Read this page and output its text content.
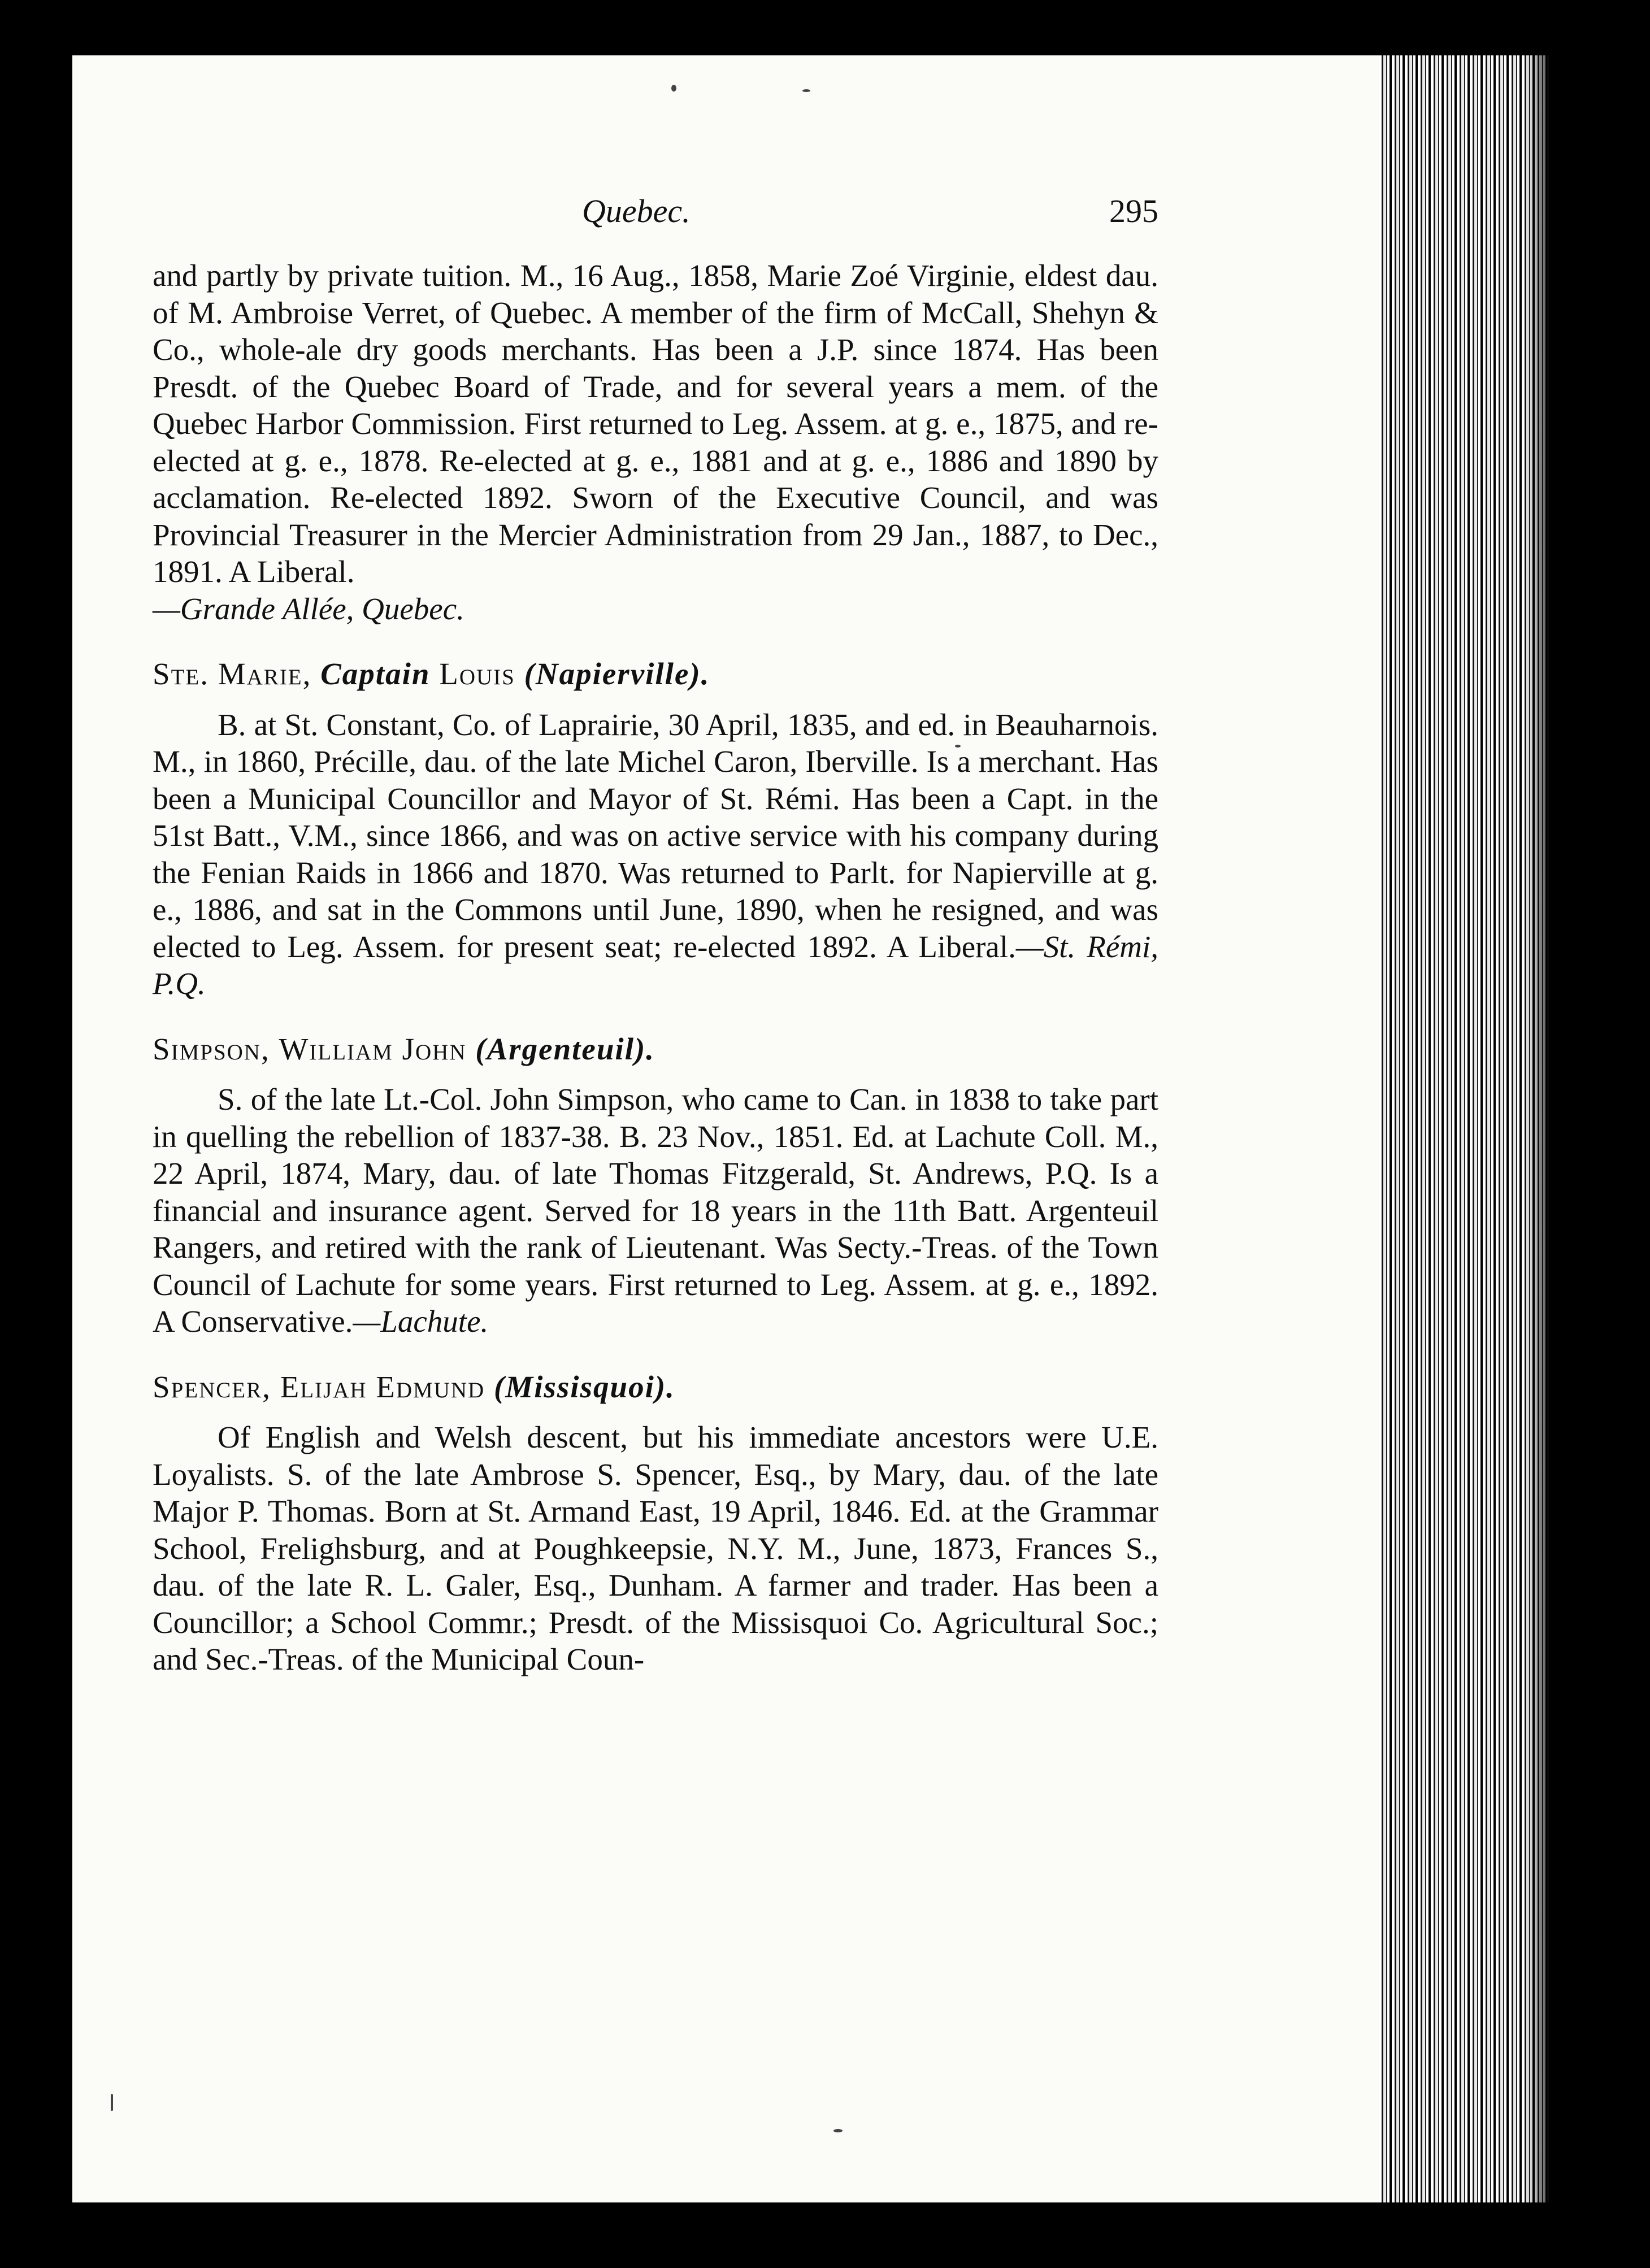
Quebec.	295

and partly by private tuition. M., 16 Aug., 1858, Marie Zoé Virginie, eldest dau. of M. Ambroise Verret, of Quebec. A member of the firm of McCall, Shehyn & Co., whole-ale dry goods merchants. Has been a J.P. since 1874. Has been Presdt. of the Quebec Board of Trade, and for several years a mem. of the Quebec Harbor Commission. First returned to Leg. Assem. at g. e., 1875, and re-elected at g. e., 1878. Re-elected at g. e., 1881 and at g. e., 1886 and 1890 by acclamation. Re-elected 1892. Sworn of the Executive Council, and was Provincial Treasurer in the Mercier Administration from 29 Jan., 1887, to Dec., 1891. A Liberal.

—Grande Allée, Quebec.

Ste. Marie, Captain Louis (Napierville).

B. at St. Constant, Co. of Laprairie, 30 April, 1835, and ed. in Beauharnois. M., in 1860, Précille, dau. of the late Michel Caron, Iberville. Is a merchant. Has been a Municipal Councillor and Mayor of St. Rémi. Has been a Capt. in the 51st Batt., V.M., since 1866, and was on active service with his company during the Fenian Raids in 1866 and 1870. Was returned to Parlt. for Napierville at g. e., 1886, and sat in the Commons until June, 1890, when he resigned, and was elected to Leg. Assem. for present seat; re-elected 1892. A Liberal.—St. Rémi, P.Q.

Simpson, William John (Argenteuil).

S. of the late Lt.-Col. John Simpson, who came to Can. in 1838 to take part in quelling the rebellion of 1837-38. B. 23 Nov., 1851. Ed. at Lachute Coll. M., 22 April, 1874, Mary, dau. of late Thomas Fitzgerald, St. Andrews, P.Q. Is a financial and insurance agent. Served for 18 years in the 11th Batt. Argenteuil Rangers, and retired with the rank of Lieutenant. Was Secty.-Treas. of the Town Council of Lachute for some years. First returned to Leg. Assem. at g. e., 1892. A Conservative.—Lachute.

Spencer, Elijah Edmund (Missisquoi).

Of English and Welsh descent, but his immediate ancestors were U.E. Loyalists. S. of the late Ambrose S. Spencer, Esq., by Mary, dau. of the late Major P. Thomas. Born at St. Armand East, 19 April, 1846. Ed. at the Grammar School, Frelighsburg, and at Poughkeepsie, N.Y. M., June, 1873, Frances S., dau. of the late R. L. Galer, Esq., Dunham. A farmer and trader. Has been a Councillor; a School Commr.; Presdt. of the Missisquoi Co. Agricultural Soc.; and Sec.-Treas. of the Municipal Coun-
